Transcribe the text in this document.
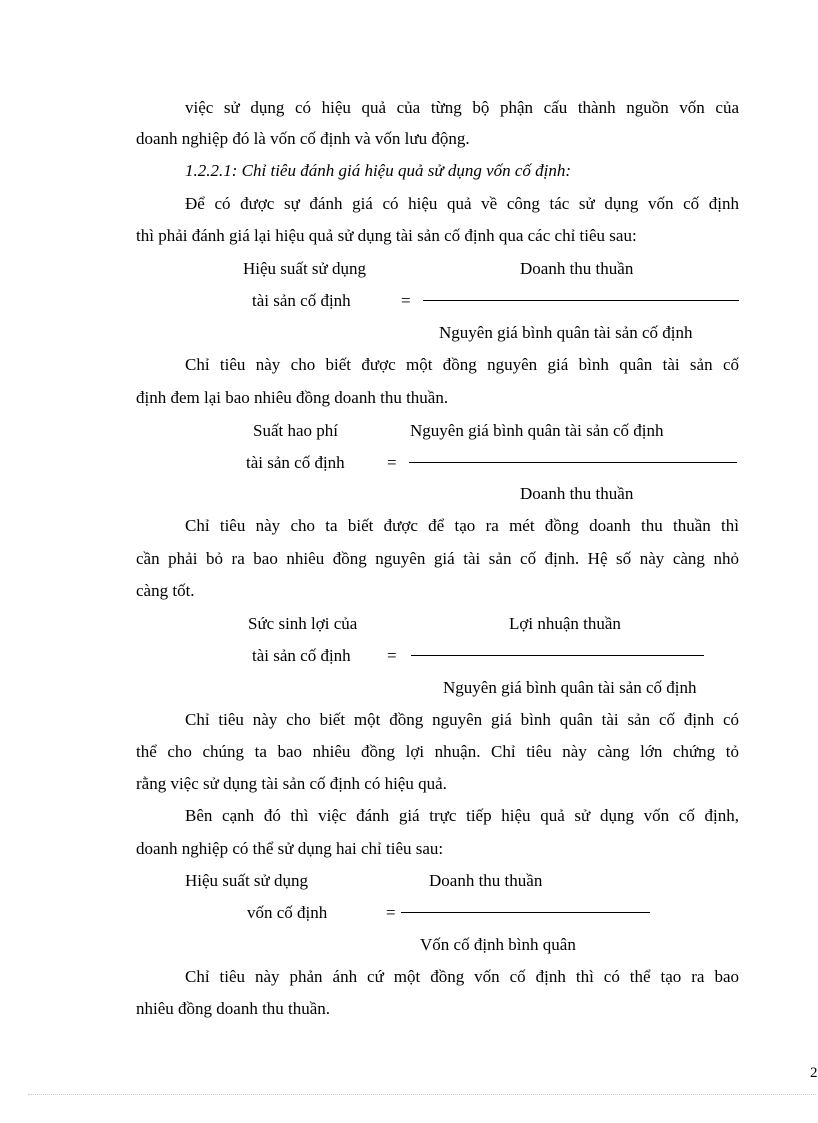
việc sử dụng có hiệu quả của từng bộ phận cấu thành nguồn vốn của
doanh nghiệp đó là vốn cố định và vốn lưu động.
1.2.2.1: Chỉ tiêu đánh giá hiệu quả sử dụng vốn cố định:
Để có được sự đánh giá có hiệu quả về công tác sử dụng vốn cố định
thì phải đánh giá lại hiệu quả sử dụng tài sản cố định qua các chỉ tiêu sau:
Hiệu suất sử dụng	Doanh thu thuần
tài sản cố định	=
Nguyên giá bình quân tài sản cố định
Chỉ tiêu này cho biết được một đồng nguyên giá bình quân tài sản cố
định đem lại bao nhiêu đồng doanh thu thuần.
Suất hao phí	Nguyên giá bình quân tài sản cố định
tài sản cố định =
Doanh thu thuần
Chỉ tiêu này cho ta biết được để tạo ra mét đồng doanh thu thuần thì
cần phải bỏ ra bao nhiêu đồng nguyên giá tài sản cố định. Hệ số này càng nhỏ
càng tốt.
Sức sinh lợi của	Lợi nhuận thuần
tài sản cố định =
Nguyên giá bình quân tài sản cố định
Chỉ tiêu này cho biết một đồng nguyên giá bình quân tài sản cố định có
thể cho chúng ta bao nhiêu đồng lợi nhuận. Chỉ tiêu này càng lớn chứng tỏ
rằng việc sử dụng tài sản cố định có hiệu quả.
Bên cạnh đó thì việc đánh giá trực tiếp hiệu quả sử dụng vốn cố định,
doanh nghiệp có thể sử dụng hai chỉ tiêu sau:
Hiệu suất sử dụng	Doanh thu thuần
vốn cố định	=
Vốn cố định bình quân
Chỉ tiêu này phản ánh cứ một đồng vốn cố định thì có thể tạo ra bao
nhiêu đồng doanh thu thuần.
2
